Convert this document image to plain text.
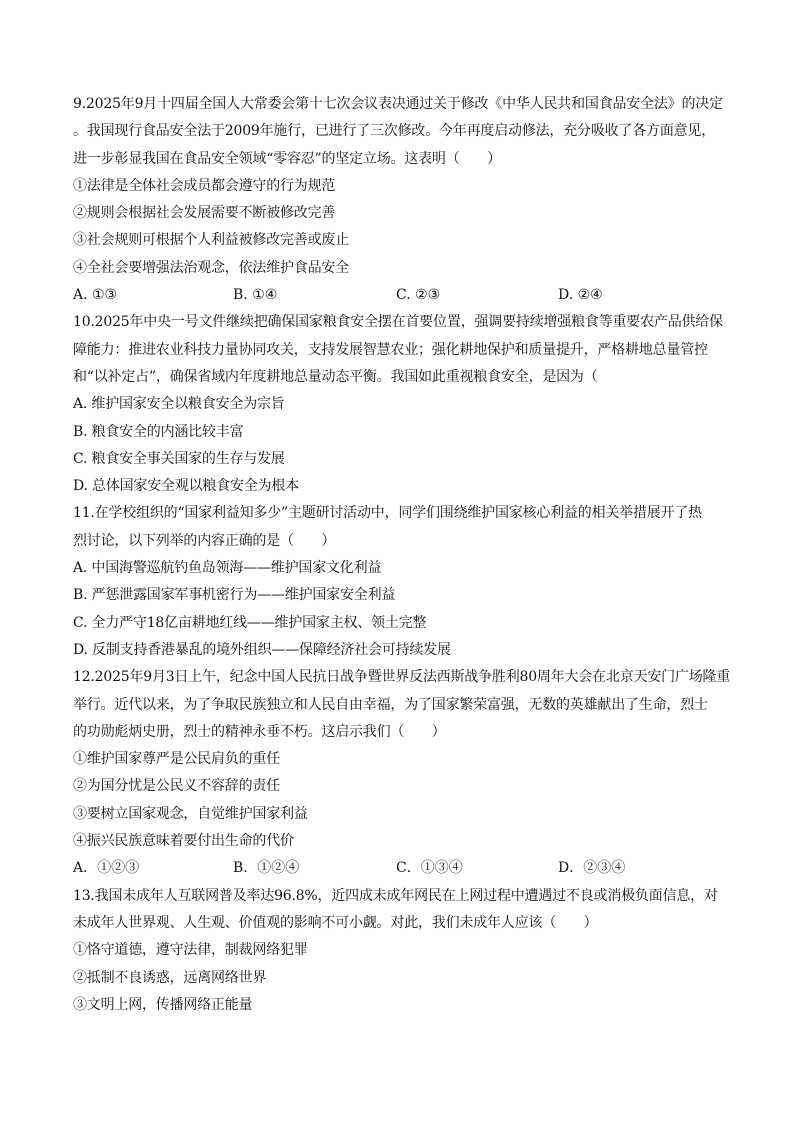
9.2025年9月十四届全国人大常委会第十七次会议表决通过关于修改《中华人民共和国食品安全法》的决定
。我国现行食品安全法于2009年施行，已进行了三次修改。今年再度启动修法，充分吸收了各方面意见，
进一步彰显我国在食品安全领域“零容忍”的坚定立场。这表明（　　）
①法律是全体社会成员都会遵守的行为规范
②规则会根据社会发展需要不断被修改完善
③社会规则可根据个人利益被修改完善或废止
④全社会要增强法治观念，依法维护食品安全
A. ①③	B. ①④	C. ②③	D. ②④
10.2025年中央一号文件继续把确保国家粮食安全摆在首要位置，强调要持续增强粮食等重要农产品供给保
障能力：推进农业科技力量协同攻关，支持发展智慧农业；强化耕地保护和质量提升，严格耕地总量管控
和“以补定占”，确保省域内年度耕地总量动态平衡。我国如此重视粮食安全，是因为（
A. 维护国家安全以粮食安全为宗旨
B. 粮食安全的内涵比较丰富
C. 粮食安全事关国家的生存与发展
D. 总体国家安全观以粮食安全为根本
11.在学校组织的“国家利益知多少”主题研讨活动中，同学们围绕维护国家核心利益的相关举措展开了热
烈讨论，以下列举的内容正确的是（　　）
A. 中国海警巡航钓鱼岛领海——维护国家文化利益
B. 严惩泄露国家军事机密行为——维护国家安全利益
C. 全力严守18亿亩耕地红线——维护国家主权、领土完整
D. 反制支持香港暴乱的境外组织——保障经济社会可持续发展
12.2025年9月3日上午，纪念中国人民抗日战争暨世界反法西斯战争胜利80周年大会在北京天安门广场隆重
举行。近代以来，为了争取民族独立和人民自由幸福，为了国家繁荣富强，无数的英雄献出了生命，烈士
的功勋彪炳史册，烈士的精神永垂不朽。这启示我们（　　）
①维护国家尊严是公民肩负的重任
②为国分忧是公民义不容辞的责任
③要树立国家观念，自觉维护国家利益
④振兴民族意味着要付出生命的代价
A．①②③	B．①②④	C．①③④	D．②③④
13.我国未成年人互联网普及率达96.8%，近四成未成年网民在上网过程中遭遇过不良或消极负面信息，对
未成年人世界观、人生观、价值观的影响不可小觑。对此，我们未成年人应该（　　）
①恪守道德，遵守法律，制裁网络犯罪
②抵制不良诱惑，远离网络世界
③文明上网，传播网络正能量
